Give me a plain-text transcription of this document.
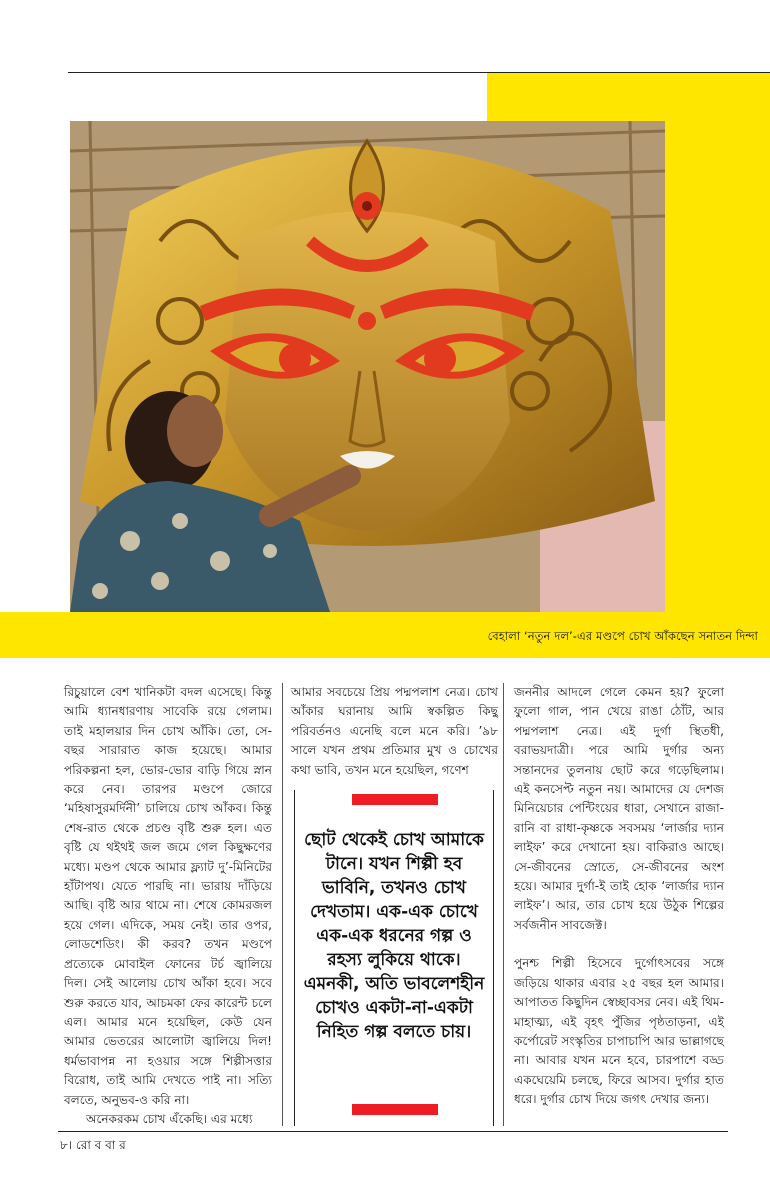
বেহালা ‘নতুন দল’-এর মণ্ডপে চোখ আঁকছেন সনাতন দিন্দা

রিচুয়ালে বেশ খানিকটা বদল এসেছে। কিন্তু আমি ধ্যানধারণায় সাবেকি রয়ে গেলাম। তাই মহালয়ার দিন চোখ আঁকি। তো, সে-বছর সারারাত কাজ হয়েছে। আমার পরিকল্পনা হল, ভোর-ভোর বাড়ি গিয়ে স্নান করে নেব। তারপর মণ্ডপে জোরে ‘মহিষাসুরমর্দিনী’ চালিয়ে চোখ আঁকব। কিন্তু শেষ-রাত থেকে প্রচণ্ড বৃষ্টি শুরু হল। এত বৃষ্টি যে থইথই জল জমে গেল কিছুক্ষণের মধ্যে। মণ্ডপ থেকে আমার ফ্ল্যাট দু’-মিনিটের হাঁটাপথ। যেতে পারছি না। ভারায় দাঁড়িয়ে আছি। বৃষ্টি আর থামে না। শেষে কোমরজল হয়ে গেল। এদিকে, সময় নেই। তার ওপর, লোডশেডিং। কী করব? তখন মণ্ডপে প্রত্যেকে মোবাইল ফোনের টর্চ জ্বালিয়ে দিল। সেই আলোয় চোখ আঁকা হবে। সবে শুরু করতে যাব, আচমকা ফের কারেন্ট চলে এল। আমার মনে হয়েছিল, কেউ যেন আমার ভেতরের আলোটা জ্বালিয়ে দিল! ধর্মভাবাপন্ন না হওয়ার সঙ্গে শিল্পীসত্তার বিরোধ, তাই আমি দেখতে পাই না। সত্যি বলতে, অনুভব-ও করি না।

অনেকরকম চোখ এঁকেছি। এর মধ্যে

আমার সবচেয়ে প্রিয় পদ্মপলাশ নেত্র। চোখ আঁকার ঘরানায় আমি স্বকল্পিত কিছু পরিবর্তনও এনেছি বলে মনে করি। ’৯৮ সালে যখন প্রথম প্রতিমার মুখ ও চোখের কথা ভাবি, তখন মনে হয়েছিল, গণেশ

ছোট থেকেই চোখ আমাকে টানে। যখন শিল্পী হব ভাবিনি, তখনও চোখ দেখতাম। এক-এক চোখে এক-এক ধরনের গল্প ও রহস্য লুকিয়ে থাকে। এমনকী, অতি ভাবলেশহীন চোখও একটা-না-একটা নিহিত গল্প বলতে চায়।

জননীর আদলে গেলে কেমন হয়? ফুলো ফুলো গাল, পান খেয়ে রাঙা ঠোঁট, আর পদ্মপলাশ নেত্র। এই দুর্গা স্থিতধী, বরাভয়দাত্রী। পরে আমি দুর্গার অন্য সন্তানদের তুলনায় ছোট করে গড়েছিলাম। এই কনসেপ্ট নতুন নয়। আমাদের যে দেশজ মিনিয়েচার পেন্টিংয়ের ধারা, সেখানে রাজা-রানি বা রাধা-কৃষ্ণকে সবসময় ‘লার্জার দ্যান লাইফ’ করে দেখানো হয়। বাকিরাও আছে। সে-জীবনের স্রোতে, সে-জীবনের অংশ হয়ে। আমার দুর্গা-ই তাই হোক ‘লার্জার দ্যান লাইফ’। আর, তার চোখ হয়ে উঠুক শিল্পের সর্বজনীন সাবজেক্ট।

পুনশ্চ শিল্পী হিসেবে দুর্গোৎসবের সঙ্গে জড়িয়ে থাকার এবার ২৫ বছর হল আমার। আপাতত কিছুদিন স্বেচ্ছাবসর নেব। এই থিম-মাহাত্ম্য, এই বৃহৎ পুঁজির পৃষ্ঠতাড়না, এই কর্পোরেট সংস্কৃতির চাপাচাপি আর ভাল্লাগছে না। আবার যখন মনে হবে, চারপাশে বড্ড একঘেয়েমি চলছে, ফিরে আসব। দুর্গার হাত ধরে। দুর্গার চোখ দিয়ে জগৎ দেখার জন্য।

৮। রো ব বা র
